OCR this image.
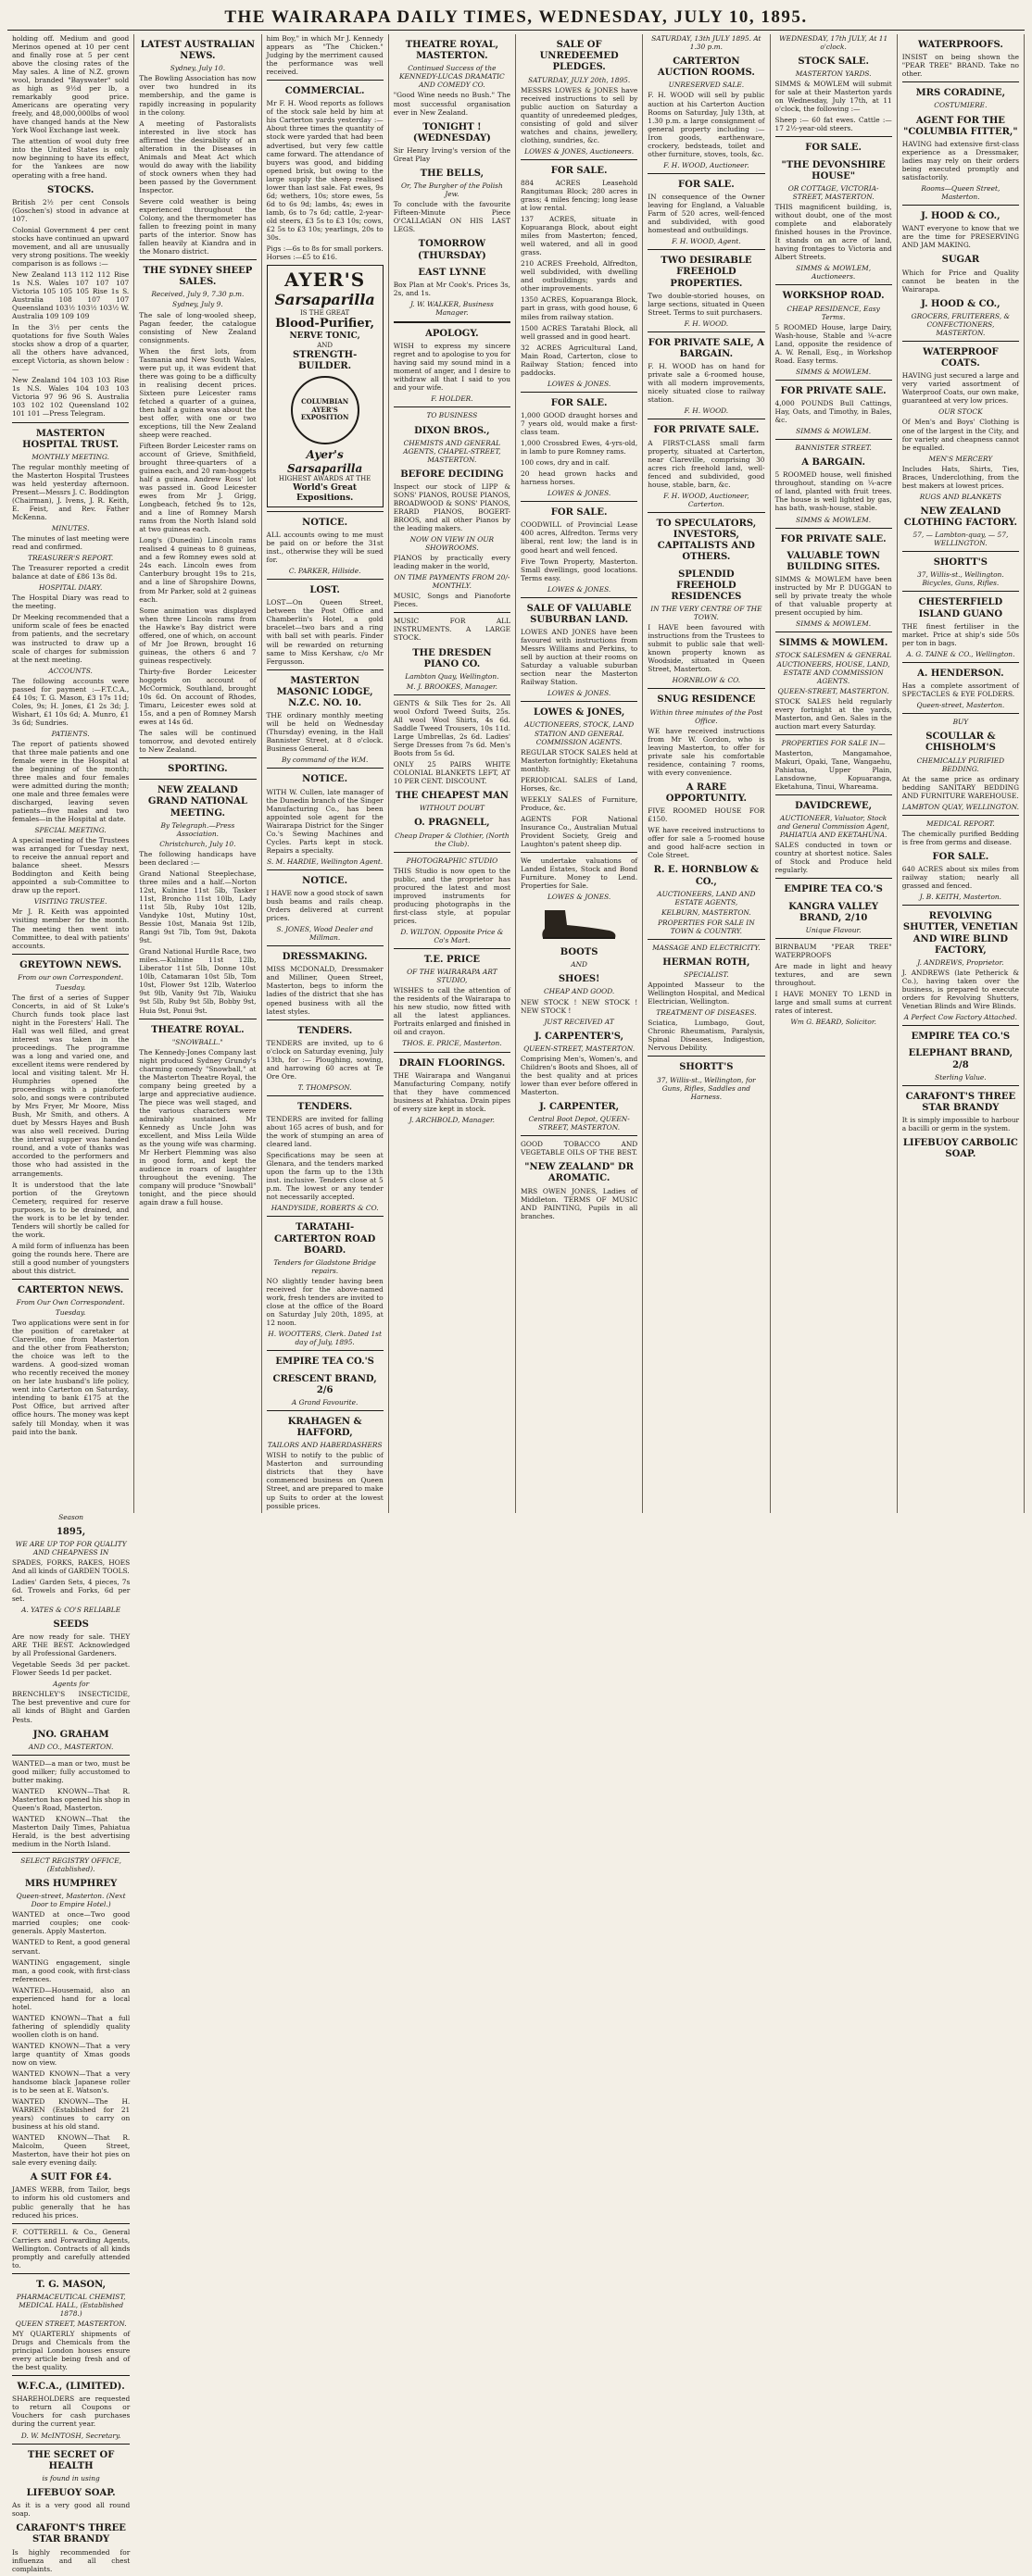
THE WAIRARAPA DAILY TIMES, WEDNESDAY, JULY 10, 1895.

holding off. Medium and good Merinos opened at 10 per cent and finally rose at 5 per cent above the closing rates of the May sales. A line of N.Z. grown wool, branded "Bayswater" sold as high as 9½d per lb, a remarkably good price. Americans are operating very freely, and 48,000,000lbs of wool have changed hands at the New York Wool Exchange last week.

The attention of wool duty free into the United States is only now beginning to have its effect, for the Yankees are now operating with a free hand.

STOCKS.

British 2½ per cent Consols (Goschen's) stood in advance at 107.

Colonial Government 4 per cent stocks have continued an upward movement, and all are unusually very strong positions. The weekly comparison is as follows :—

New Zealand 113 112 112 Rise 1s N.S. Wales 107 107 107 Victoria 105 105 105 Rise 1s S. Australia 108 107 107 Queensland 103½ 103½ 103½ W. Australia 109 109 109

In the 3½ per cents the quotations for five South Wales stocks show a drop of a quarter, all the others have advanced, except Victoria, as shown below :—

New Zealand 104 103 103 Rise 1s N.S. Wales 104 103 103 Victoria 97 96 96 S. Australia 103 102 102 Queensland 102 101 101 —Press Telegram.

MASTERTON HOSPITAL TRUST.
MONTHLY MEETING.

The regular monthly meeting of the Masterton Hospital Trustees was held yesterday afternoon. Present—Messrs J. C. Boddington (Chairman), J. Ivens, J. R. Keith, E. Feist, and Rev. Father McKenna.

MINUTES.

The minutes of last meeting were read and confirmed.

TREASURER'S REPORT.

The Treasurer reported a credit balance at date of £86 13s 8d.

HOSPITAL DIARY.

The Hospital Diary was read to the meeting.

Dr Meeking recommended that a uniform scale of fees be enacted from patients, and the secretary was instructed to draw up a scale of charges for submission at the next meeting.

ACCOUNTS.

The following accounts were passed for payment :—F.T.C.A., £4 10s; T. G. Mason, £3 17s 11d; Coles, 9s; H. Jones, £1 2s 3d; J. Wishart, £1 10s 6d; A. Munro, £1 3s 6d; Sundries.

PATIENTS.

The report of patients showed that three male patients and one female were in the Hospital at the beginning of the month; three males and four females were admitted during the month; one male and three females were discharged, leaving seven patients—five males and two females—in the Hospital at date.

SPECIAL MEETING.

A special meeting of the Trustees was arranged for Tuesday next, to receive the annual report and balance sheet. Messrs Boddington and Keith being appointed a sub-Committee to draw up the report.

VISITING TRUSTEE.

Mr J. R. Keith was appointed visiting member for the month. The meeting then went into Committee, to deal with patients' accounts.

GREYTOWN NEWS.
From our own Correspondent.
Tuesday.

The first of a series of Supper Concerts, in aid of St Luke's Church funds took place last night in the Foresters' Hall. The Hall was well filled, and great interest was taken in the proceedings. The programme was a long and varied one, and excellent items were rendered by local and visiting talent. Mr H. Humphries opened the proceedings with a pianoforte solo, and songs were contributed by Mrs Fryer, Mr Moore, Miss Bush, Mr Smith, and others. A duet by Messrs Hayes and Bush was also well received. During the interval supper was handed round, and a vote of thanks was accorded to the performers and those who had assisted in the arrangements.

It is understood that the late portion of the Greytown Cemetery, required for reserve purposes, is to be drained, and the work is to be let by tender. Tenders will shortly be called for the work.

A mild form of influenza has been going the rounds here. There are still a good number of youngsters about this district.

CARTERTON NEWS.
From Our Own Correspondent.
Tuesday.

Two applications were sent in for the position of caretaker at Clareville, one from Masterton and the other from Featherston; the choice was left to the wardens. A good-sized woman who recently received the money on her late husband's life policy, went into Carterton on Saturday, intending to bank £175 at the Post Office, but arrived after office hours. The money was kept safely till Monday, when it was paid into the bank.

LATEST AUSTRALIAN NEWS.
Sydney, July 10.

The Bowling Association has now over two hundred in its membership, and the game is rapidly increasing in popularity in the colony.

A meeting of Pastoralists interested in live stock has affirmed the desirability of an alteration in the Diseases in Animals and Meat Act which would do away with the liability of stock owners when they had been passed by the Government Inspector.

Severe cold weather is being experienced throughout the Colony, and the thermometer has fallen to freezing point in many parts of the interior. Snow has fallen heavily at Kiandra and in the Monaro district.

THE SYDNEY SHEEP SALES.
Received, July 9, 7.30 p.m.
Sydney, July 9.

The sale of long-wooled sheep, Pagan feeder, the catalogue consisting of New Zealand consignments.

When the first lots, from Tasmania and New South Wales, were put up, it was evident that there was going to be a difficulty in realising decent prices. Sixteen pure Leicester rams fetched a quarter of a guinea, then half a guinea was about the best offer, with one or two exceptions, till the New Zealand sheep were reached.

Fifteen Border Leicester rams on account of Grieve, Smithfield, brought three-quarters of a guinea each, and 20 ram-hoggets half a guinea. Andrew Ross' lot was passed in. Good Leicester ewes from Mr J. Grigg, Longbeach, fetched 9s to 12s, and a line of Romney Marsh rams from the North Island sold at two guineas each.

Long's (Dunedin) Lincoln rams realised 4 guineas to 8 guineas, and a few Romney ewes sold at 24s each. Lincoln ewes from Canterbury brought 19s to 21s, and a line of Shropshire Downs, from Mr Parker, sold at 2 guineas each.

Some animation was displayed when three Lincoln rams from the Hawke's Bay district were offered, one of which, on account of Mr Joe Brown, brought 16 guineas, the others 6 and 7 guineas respectively.

Thirty-five Border Leicester hoggets on account of McCormick, Southland, brought 10s 6d. On account of Rhodes, Timaru, Leicester ewes sold at 15s, and a pen of Romney Marsh ewes at 14s 6d.

The sales will be continued tomorrow, and devoted entirely to New Zealand.

SPORTING.
NEW ZEALAND GRAND NATIONAL MEETING.
By Telegraph.—Press Association.
Christchurch, July 10.

The following handicaps have been declared :—

Grand National Steeplechase, three miles and a half.—Norton 12st, Kulnine 11st 5lb, Tasker 11st, Broncho 11st 10lb, Lady 11st 5lb, Ruby 10st 12lb, Vandyke 10st, Mutiny 10st, Bessie 10st, Manaia 9st 12lb, Rangi 9st 7lb, Tom 9st, Dakota 9st.

Grand National Hurdle Race, two miles.—Kulnine 11st 12lb, Liberator 11st 5lb, Donne 10st 10lb, Catamaran 10st 5lb, Tom 10st, Flower 9st 12lb, Waterloo 9st 9lb, Vanity 9st 7lb, Waiuku 9st 5lb, Ruby 9st 5lb, Bobby 9st, Huia 9st, Ponui 9st.

THEATRE ROYAL.
"SNOWBALL."

The Kennedy-Jones Company last night produced Sydney Grundy's charming comedy "Snowball," at the Masterton Theatre Royal, the company being greeted by a large and appreciative audience. The piece was well staged, and the various characters were admirably sustained. Mr Kennedy as Uncle John was excellent, and Miss Leila Wilde as the young wife was charming. Mr Herbert Flemming was also in good form, and kept the audience in roars of laughter throughout the evening. The company will produce "Snowball" tonight, and the piece should again draw a full house.

him Boy," in which Mr J. Kennedy appears as "The Chicken." Judging by the merriment caused the performance was well received.

COMMERCIAL.

Mr F. H. Wood reports as follows of the stock sale held by him at his Carterton yards yesterday :—About three times the quantity of stock were yarded that had been advertised, but very few cattle came forward. The attendance of buyers was good, and bidding opened brisk, but owing to the large supply the sheep realised lower than last sale. Fat ewes, 9s 6d; wethers, 10s; store ewes, 5s 6d to 6s 9d; lambs, 4s; ewes in lamb, 6s to 7s 6d; cattle, 2-year-old steers, £3 5s to £3 10s; cows, £2 5s to £3 10s; yearlings, 20s to 30s.

Pigs :—6s to 8s for small porkers. Horses :—£5 to £16.

AYER'S
Sarsaparilla
IS THE GREAT
Blood-Purifier,
NERVE TONIC,
AND
STRENGTH-BUILDER.
COLUMBIAN AYER'S EXPOSITION
Ayer's Sarsaparilla
HIGHEST AWARDS AT THE
World's Great Expositions.
NOTICE.

ALL accounts owing to me must be paid on or before the 31st inst., otherwise they will be sued for.

C. PARKER, Hillside.
LOST.

LOST—On Queen Street, between the Post Office and Chamberlin's Hotel, a gold bracelet—two bars and a ring with ball set with pearls. Finder will be rewarded on returning same to Miss Kershaw, c/o Mr Fergusson.

MASTERTON MASONIC LODGE, N.Z.C. NO. 10.

THE ordinary monthly meeting will be held on Wednesday (Thursday) evening, in the Hall Bannister Street, at 8 o'clock. Business General.

By command of the W.M.
NOTICE.

WITH W. Cullen, late manager of the Dunedin branch of the Singer Manufacturing Co., has been appointed sole agent for the Wairarapa District for the Singer Co.'s Sewing Machines and Cycles. Parts kept in stock. Repairs a specialty.

S. M. HARDIE, Wellington Agent.
NOTICE.

I HAVE now a good stock of sawn bush beams and rails cheap. Orders delivered at current prices.

S. JONES, Wood Dealer and Millman.
DRESSMAKING.

MISS MCDONALD, Dressmaker and Milliner, Queen Street, Masterton, begs to inform the ladies of the district that she has opened business with all the latest styles.

TENDERS.

TENDERS are invited, up to 6 o'clock on Saturday evening, July 13th, for :— Ploughing, sowing, and harrowing 60 acres at Te Ore Ore.

T. THOMPSON.
TENDERS.

TENDERS are invited for falling about 165 acres of bush, and for the work of stumping an area of cleared land.

Specifications may be seen at Glenara, and the tenders marked upon the farm up to the 13th inst. inclusive. Tenders close at 5 p.m. The lowest or any tender not necessarily accepted.

HANDYSIDE, ROBERTS & CO.
TARATAHI-CARTERTON ROAD BOARD.
Tenders for Gladstone Bridge repairs.

NO slightly tender having been received for the above-named work, fresh tenders are invited to close at the office of the Board on Saturday July 20th, 1895, at 12 noon.

H. WOOTTERS, Clerk. Dated 1st day of July, 1895.
EMPIRE TEA CO.'S
CRESCENT BRAND, 2/6
A Grand Favourite.
KRAHAGEN & HAFFORD,
TAILORS AND HABERDASHERS

WISH to notify to the public of Masterton and surrounding districts that they have commenced business on Queen Street, and are prepared to make up Suits to order at the lowest possible prices.

THEATRE ROYAL, MASTERTON.
Continued Success of the KENNEDY-LUCAS DRAMATIC AND COMEDY CO.

"Good Wine needs no Bush." The most successful organisation ever in New Zealand.

TONIGHT ! (WEDNESDAY)

Sir Henry Irving's version of the Great Play

THE BELLS,
Or, The Burgher of the Polish Jew.

To conclude with the favourite Fifteen-Minute Piece O'CALLAGAN ON HIS LAST LEGS.

TOMORROW (THURSDAY)
EAST LYNNE

Box Plan at Mr Cook's. Prices 3s, 2s, and 1s.

J. W. WALKER, Business Manager.
APOLOGY.

WISH to express my sincere regret and to apologise to you for having said my sound mind in a moment of anger, and I desire to withdraw all that I said to you and your wife.

F. HOLDER.
TO BUSINESS
DIXON BROS.,
CHEMISTS AND GENERAL AGENTS, CHAPEL-STREET, MASTERTON.
BEFORE DECIDING

Inspect our stock of LIPP & SONS' PIANOS, ROUSE PIANOS, BROADWOOD & SONS' PIANOS, ERARD PIANOS, BOGERT-BROOS, and all other Pianos by the leading makers.

NOW ON VIEW IN OUR SHOWROOMS.

PIANOS by practically every leading maker in the world,

ON TIME PAYMENTS FROM 20/- MONTHLY.

MUSIC, Songs and Pianoforte Pieces.

MUSIC FOR ALL INSTRUMENTS. A LARGE STOCK.

THE DRESDEN PIANO CO.
Lambton Quay, Wellington.
M. J. BROOKES, Manager.

GENTS & Silk Ties for 2s. All wool Oxford Tweed Suits, 25s. All wool Wool Shirts, 4s 6d. Saddle Tweed Trousers, 10s 11d. Large Umbrellas, 2s 6d. Ladies' Serge Dresses from 7s 6d. Men's Boots from 5s 6d.

ONLY 25 PAIRS WHITE COLONIAL BLANKETS LEFT, AT 10 PER CENT. DISCOUNT.

THE CHEAPEST MAN
WITHOUT DOUBT
O. PRAGNELL,
Cheap Draper & Clothier, (North the Club).
PHOTOGRAPHIC STUDIO

THIS Studio is now open to the public, and the proprietor has procured the latest and most improved instruments for producing photographs in the first-class style, at popular prices.

D. WILTON. Opposite Price & Co's Mart.
T.E. PRICE
OF THE WAIRARAPA ART STUDIO,

WISHES to call the attention of the residents of the Wairarapa to his new studio, now fitted with all the latest appliances. Portraits enlarged and finished in oil and crayon.

THOS. E. PRICE, Masterton.
DRAIN FLOORINGS.

THE Wairarapa and Wanganui Manufacturing Company, notify that they have commenced business at Pahiatua. Drain pipes of every size kept in stock.

J. ARCHBOLD, Manager.
SALE OF UNREDEEMED PLEDGES.
SATURDAY, JULY 20th, 1895.

MESSRS LOWES & JONES have received instructions to sell by public auction on Saturday a quantity of unredeemed pledges, consisting of gold and silver watches and chains, jewellery, clothing, sundries, &c.

LOWES & JONES, Auctioneers.
FOR SALE.

884 ACRES Leasehold Rangitumau Block; 280 acres in grass; 4 miles fencing; long lease at low rental.

137 ACRES, situate in Kopuaranga Block, about eight miles from Masterton; fenced, well watered, and all in good grass.

210 ACRES Freehold, Alfredton, well subdivided, with dwelling and outbuildings; yards and other improvements.

1350 ACRES, Kopuaranga Block, part in grass, with good house, 6 miles from railway station.

1500 ACRES Taratahi Block, all well grassed and in good heart.

32 ACRES Agricultural Land, Main Road, Carterton, close to Railway Station; fenced into paddocks.

LOWES & JONES.
FOR SALE.

1,000 GOOD draught horses and 7 years old, would make a first-class team.

1,000 Crossbred Ewes, 4-yrs-old, in lamb to pure Romney rams.

100 cows, dry and in calf.

20 head grown hacks and harness horses.

LOWES & JONES.
FOR SALE.

COODWILL of Provincial Lease 400 acres, Alfredton. Terms very liberal, rent low; the land is in good heart and well fenced.

Five Town Property, Masterton. Small dwellings, good locations. Terms easy.

LOWES & JONES.
SALE OF VALUABLE SUBURBAN LAND.

LOWES AND JONES have been favoured with instructions from Messrs Williams and Perkins, to sell by auction at their rooms on Saturday a valuable suburban section near the Masterton Railway Station.

LOWES & JONES.
LOWES & JONES,
AUCTIONEERS, STOCK, LAND STATION AND GENERAL COMMISSION AGENTS.

REGULAR STOCK SALES held at Masterton fortnightly; Eketahuna monthly.

PERIODICAL SALES of Land, Horses, &c.

WEEKLY SALES of Furniture, Produce, &c.

AGENTS FOR National Insurance Co., Australian Mutual Provident Society, Greig and Laughton's patent sheep dip.

We undertake valuations of Landed Estates, Stock and Bond Furniture. Money to Lend. Properties for Sale.

LOWES & JONES.
BOOTS
AND
SHOES!
CHEAP AND GOOD.

NEW STOCK ! NEW STOCK ! NEW STOCK !

JUST RECEIVED AT
J. CARPENTER'S,
QUEEN-STREET, MASTERTON.

Comprising Men's, Women's, and Children's Boots and Shoes, all of the best quality and at prices lower than ever before offered in Masterton.

J. CARPENTER,
Central Boot Depot, QUEEN-STREET, MASTERTON.

GOOD TOBACCO AND VEGETABLE OILS OF THE BEST.

"NEW ZEALAND" DR AROMATIC.

MRS OWEN JONES, Ladies of Middleton. TERMS OF MUSIC AND PAINTING, Pupils in all branches.

SATURDAY, 13th JULY 1895. At 1.30 p.m.
CARTERTON AUCTION ROOMS.
UNRESERVED SALE.

F. H. WOOD will sell by public auction at his Carterton Auction Rooms on Saturday, July 13th, at 1.30 p.m. a large consignment of general property including :— Iron goods, earthenware, crockery, bedsteads, toilet and other furniture, stoves, tools, &c.

F. H. WOOD, Auctioneer.
FOR SALE.

IN consequence of the Owner leaving for England, a Valuable Farm of 520 acres, well-fenced and subdivided, with good homestead and outbuildings.

F. H. WOOD, Agent.
TWO DESIRABLE FREEHOLD PROPERTIES.

Two double-storied houses, on large sections, situated in Queen Street. Terms to suit purchasers.

F. H. WOOD.
FOR PRIVATE SALE, A BARGAIN.

F. H. WOOD has on hand for private sale a 6-roomed house, with all modern improvements, nicely situated close to railway station.

F. H. WOOD.
FOR PRIVATE SALE.

A FIRST-CLASS small farm property, situated at Carterton, near Clareville, comprising 30 acres rich freehold land, well-fenced and subdivided, good house, stable, barn, &c.

F. H. WOOD, Auctioneer, Carterton.
TO SPECULATORS, INVESTORS, CAPITALISTS AND OTHERS.
SPLENDID FREEHOLD RESIDENCES
IN THE VERY CENTRE OF THE TOWN.

I HAVE been favoured with instructions from the Trustees to submit to public sale that well-known property known as Woodside, situated in Queen Street, Masterton.

HORNBLOW & CO.
SNUG RESIDENCE
Within three minutes of the Post Office.

WE have received instructions from Mr W. Gordon, who is leaving Masterton, to offer for private sale his comfortable residence, containing 7 rooms, with every convenience.

A RARE OPPORTUNITY.

FIVE ROOMED HOUSE FOR £150.

WE have received instructions to offer for sale a 5-roomed house and good half-acre section in Cole Street.

R. E. HORNBLOW & CO.,
AUCTIONEERS, LAND AND ESTATE AGENTS,
KELBURN, MASTERTON.
PROPERTIES FOR SALE IN TOWN & COUNTRY.
MASSAGE AND ELECTRICITY.
HERMAN ROTH,
SPECIALIST.

Appointed Masseur to the Wellington Hospital, and Medical Electrician, Wellington.

TREATMENT OF DISEASES.

Sciatica, Lumbago, Gout, Chronic Rheumatism, Paralysis, Spinal Diseases, Indigestion, Nervous Debility.

SHORTT'S
37, Willis-st., Wellington, for Guns, Rifles, Saddles and Harness.
WEDNESDAY, 17th JULY, At 11 o'clock.
STOCK SALE.
MASTERTON YARDS.

SIMMS & MOWLEM will submit for sale at their Masterton yards on Wednesday, July 17th, at 11 o'clock, the following :—

Sheep :— 60 fat ewes. Cattle :— 17 2½-year-old steers.

FOR SALE.
"THE DEVONSHIRE HOUSE"
OR COTTAGE, VICTORIA-STREET, MASTERTON.

THIS magnificent building, is, without doubt, one of the most complete and elaborately finished houses in the Province. It stands on an acre of land, having frontages to Victoria and Albert Streets.

SIMMS & MOWLEM, Auctioneers.
WORKSHOP ROAD.
CHEAP RESIDENCE, Easy Terms.

5 ROOMED House, large Dairy, Wash-house, Stable and ¼-acre Land, opposite the residence of A. W. Renall, Esq., in Workshop Road. Easy terms.

SIMMS & MOWLEM.
FOR PRIVATE SALE.

4,000 POUNDS Bull Cattings, Hay, Oats, and Timothy, in Bales, &c.

SIMMS & MOWLEM.
BANNISTER STREET.
A BARGAIN.

5 ROOMED house, well finished throughout, standing on ¼-acre of land, planted with fruit trees. The house is well lighted by gas, has bath, wash-house, stable.

SIMMS & MOWLEM.
FOR PRIVATE SALE.
VALUABLE TOWN BUILDING SITES.

SIMMS & MOWLEM have been instructed by Mr P. DUGGAN to sell by private treaty the whole of that valuable property at present occupied by him.

SIMMS & MOWLEM.
SIMMS & MOWLEM.
STOCK SALESMEN & GENERAL AUCTIONEERS, HOUSE, LAND, ESTATE AND COMMISSION AGENTS.
QUEEN-STREET, MASTERTON.

STOCK SALES held regularly every fortnight at the yards, Masterton, and Gen. Sales in the auction mart every Saturday.

PROPERTIES FOR SALE IN—

Masterton, Mangamahoe, Makuri, Opaki, Tane, Wangaehu, Pahiatua, Upper Plain, Lansdowne, Kopuaranga, Eketahuna, Tinui, Whareama.

DAVIDCREWE,
AUCTIONEER, Valuator, Stock and General Commission Agent, PAHIATUA AND EKETAHUNA.

SALES conducted in town or country at shortest notice. Sales of Stock and Produce held regularly.

EMPIRE TEA CO.'S
KANGRA VALLEY BRAND, 2/10
Unique Flavour.

BIRNBAUM "PEAR TREE" WATERPROOFS

Are made in light and heavy textures, and are sewn throughout.

I HAVE MONEY TO LEND in large and small sums at current rates of interest.

Wm G. BEARD, Solicitor.
WATERPROOFS.

INSIST on being shown the "PEAR TREE" BRAND. Take no other.

MRS CORADINE,
COSTUMIERE.
AGENT FOR THE "COLUMBIA FITTER,"

HAVING had extensive first-class experience as a Dressmaker, ladies may rely on their orders being executed promptly and satisfactorily.

Rooms—Queen Street, Masterton.
J. HOOD & CO.,

WANT everyone to know that we are the time for PRESERVING AND JAM MAKING.

SUGAR

Which for Price and Quality cannot be beaten in the Wairarapa.

J. HOOD & CO.,
GROCERS, FRUITERERS, & CONFECTIONERS, MASTERTON.
WATERPROOF COATS.

HAVING just secured a large and very varied assortment of Waterproof Coats, our own make, guaranteed at very low prices.

OUR STOCK

Of Men's and Boys' Clothing is one of the largest in the City, and for variety and cheapness cannot be equalled.

MEN'S MERCERY

Includes Hats, Shirts, Ties, Braces, Underclothing, from the best makers at lowest prices.

RUGS AND BLANKETS
NEW ZEALAND CLOTHING FACTORY.
57, — Lambton-quay, — 57, WELLINGTON.
SHORTT'S
37, Willis-st., Wellington. Bicycles, Guns, Rifles.
CHESTERFIELD ISLAND GUANO

THE finest fertiliser in the market. Price at ship's side 50s per ton in bags.

A. G. TAINE & CO., Wellington.
A. HENDERSON.

Has a complete assortment of SPECTACLES & EYE FOLDERS.

Queen-street, Masterton.
BUY
SCOULLAR & CHISHOLM'S
CHEMICALLY PURIFIED BEDDING.

At the same price as ordinary bedding SANITARY BEDDING AND FURNITURE WAREHOUSE.

LAMBTON QUAY, WELLINGTON.
MEDICAL REPORT.

The chemically purified Bedding is free from germs and disease.

FOR SALE.

640 ACRES about six miles from railway station; nearly all grassed and fenced.

J. B. KEITH, Masterton.
REVOLVING SHUTTER, VENETIAN AND WIRE BLIND FACTORY,
J. ANDREWS, Proprietor.

J. ANDREWS (late Petherick & Co.), having taken over the business, is prepared to execute orders for Revolving Shutters, Venetian Blinds and Wire Blinds.

A Perfect Cow Factory Attached.
EMPIRE TEA CO.'S
ELEPHANT BRAND, 2/8
Sterling Value.
CARAFONT'S THREE STAR BRANDY

It is simply impossible to harbour a bacilli or germ in the system.

LIFEBUOY CARBOLIC SOAP.
Season
1895,
WE ARE UP TOP FOR QUALITY AND CHEAPNESS IN

SPADES, FORKS, RAKES, HOES And all kinds of GARDEN TOOLS.

Ladies' Garden Sets, 4 pieces, 7s 6d. Trowels and Forks, 6d per set.

A. YATES & CO'S RELIABLE
SEEDS

Are now ready for sale. THEY ARE THE BEST. Acknowledged by all Professional Gardeners.

Vegetable Seeds 3d per packet. Flower Seeds 1d per packet.

Agents for

BRENCHLEY'S INSECTICIDE, The best preventive and cure for all kinds of Blight and Garden Pests.

JNO. GRAHAM
AND CO., MASTERTON.

WANTED—a man or two, must be good milker; fully accustomed to butter making.

WANTED KNOWN—That R. Masterton has opened his shop in Queen's Road, Masterton.

WANTED KNOWN—That the Masterton Daily Times, Pahiatua Herald, is the best advertising medium in the North Island.

SELECT REGISTRY OFFICE, (Established).
MRS HUMPHREY
Queen-street, Masterton. (Next Door to Empire Hotel.)

WANTED at once—Two good married couples; one cook-generals. Apply Masterton.

WANTED to Rent, a good general servant.

WANTING engagement, single man, a good cook, with first-class references.

WANTED—Housemaid, also an experienced hand for a local hotel.

WANTED KNOWN—That a full fathering of splendidly quality woollen cloth is on hand.

WANTED KNOWN—That a very large quantity of Xmas goods now on view.

WANTED KNOWN—That a very handsome black Japanese roller is to be seen at E. Watson's.

WANTED KNOWN—The H. WARREN (Established for 21 years) continues to carry on business at his old stand.

WANTED KNOWN—That R. Malcolm, Queen Street, Masterton, have their hot pies on sale every evening daily.

A SUIT FOR £4.

JAMES WEBB, from Tailor, begs to inform his old customers and public generally that he has reduced his prices.

F. COTTERELL & Co., General Carriers and Forwarding Agents, Wellington. Contracts of all kinds promptly and carefully attended to.

T. G. MASON,
PHARMACEUTICAL CHEMIST, MEDICAL HALL, (Established 1878.)
QUEEN STREET, MASTERTON.

MY QUARTERLY shipments of Drugs and Chemicals from the principal London houses ensure every article being fresh and of the best quality.

W.F.C.A., (LIMITED).

SHAREHOLDERS are requested to return all Coupons or Vouchers for cash purchases during the current year.

D. W. McINTOSH, Secretary.
THE SECRET OF HEALTH
is found in using
LIFEBUOY SOAP.

As it is a very good all round soap.

CARAFONT'S THREE STAR BRANDY

Is highly recommended for influenza and all chest complaints.
